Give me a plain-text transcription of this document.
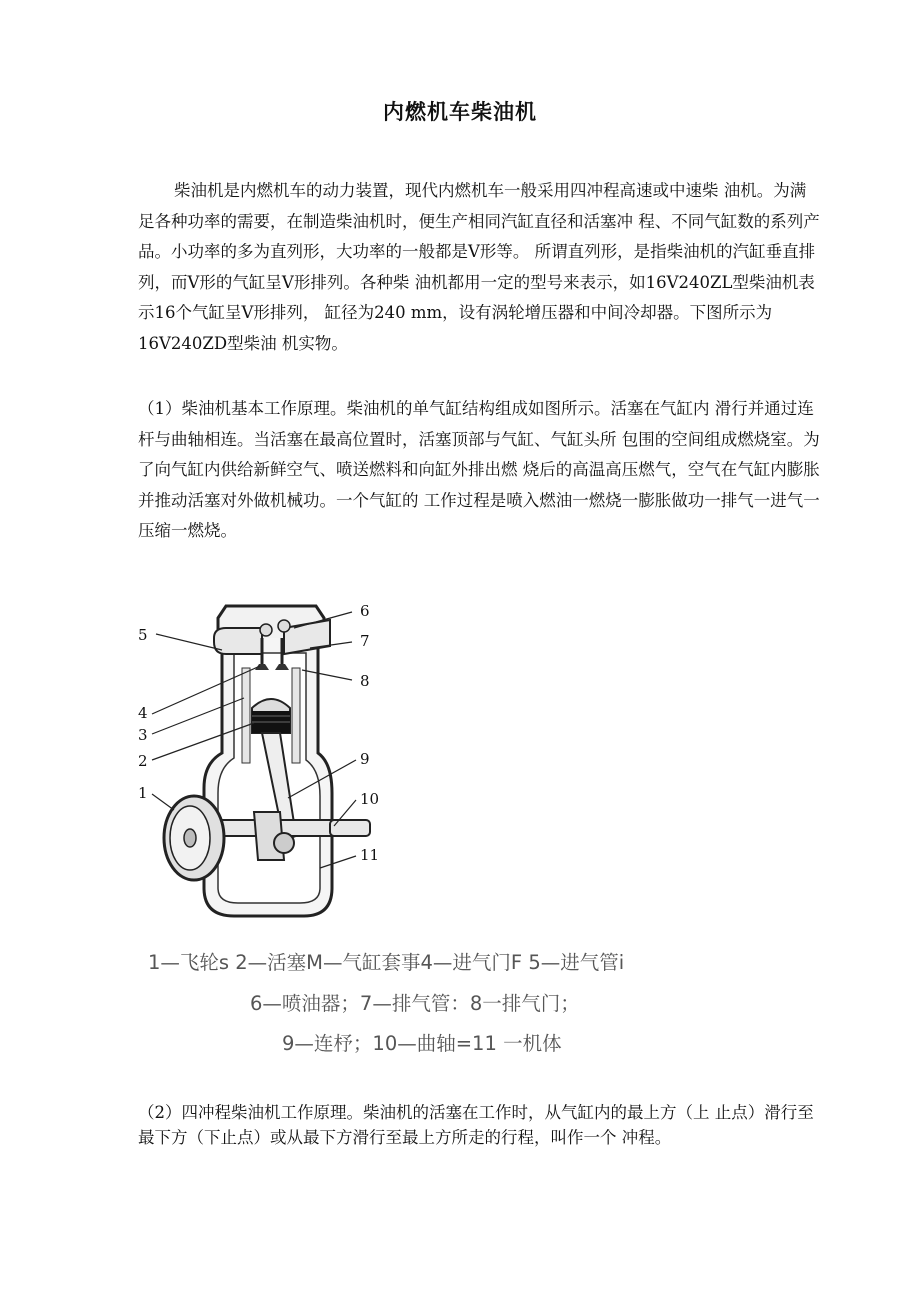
内燃机车柴油机
柴油机是内燃机车的动力装置，现代内燃机车一般采用四冲程高速或中速柴 油机。为满足各种功率的需要，在制造柴油机时，便生产相同汽缸直径和活塞冲 程、不同气缸数的系列产品。小功率的多为直列形，大功率的一般都是V形等。 所谓直列形，是指柴油机的汽缸垂直排列，而V形的气缸呈V形排列。各种柴 油机都用一定的型号来表示，如16V240ZL型柴油机表示16个气缸呈V形排列， 缸径为240 mm，设有涡轮增压器和中间冷却器。下图所示为16V240ZD型柴油 机实物。
（1）柴油机基本工作原理。柴油机的单气缸结构组成如图所示。活塞在气缸内 滑行并通过连杆与曲轴相连。当活塞在最高位置时，活塞顶部与气缸、气缸头所 包围的空间组成燃烧室。为了向气缸内供给新鲜空气、喷送燃料和向缸外排出燃 烧后的高温高压燃气，空气在气缸内膨胀并推动活塞对外做机械功。一个气缸的 工作过程是喷入燃油一燃烧一膨胀做功一排气一进气一压缩一燃烧。
5
6
7
8
4
3
2
1
9
10
11
1—飞轮s 2—活塞M—气缸套事4—进气门F 5—进气管i
6—喷油器；7—排气管：8一排气门；
9—连杼；10—曲轴=11 一机体
（2）四冲程柴油机工作原理。柴油机的活塞在工作时，从气缸内的最上方（上 止点）滑行至最下方（下止点）或从最下方滑行至最上方所走的行程，叫作一个 冲程。
